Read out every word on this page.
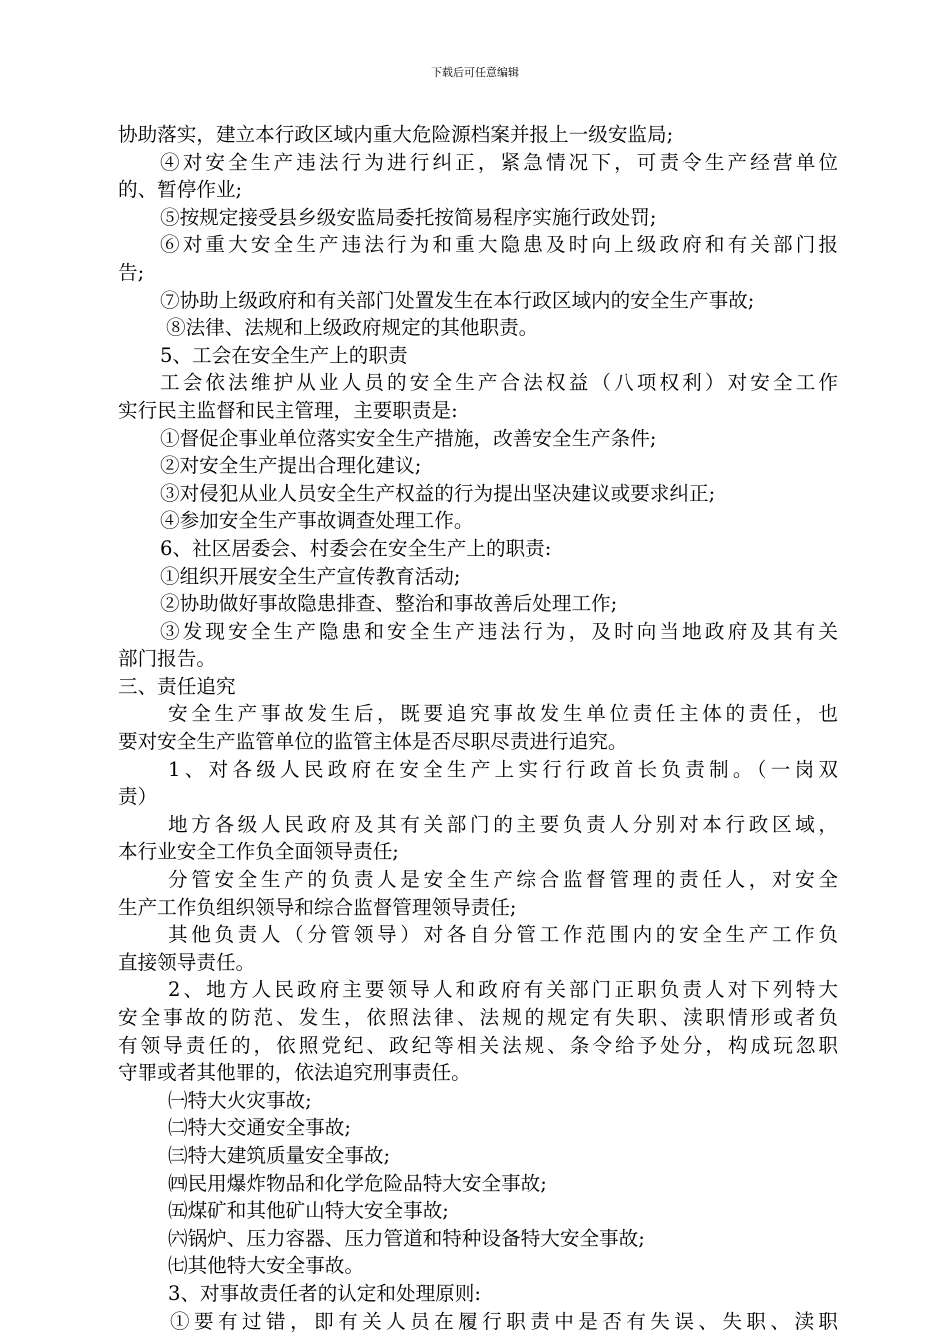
下载后可任意编辑
协助落实，建立本行政区域内重大危险源档案并报上一级安监局;
④对安全生产违法行为进行纠正，紧急情况下，可责令生产经营单位
的、暂停作业;
⑤按规定接受县乡级安监局委托按简易程序实施行政处罚;
⑥对重大安全生产违法行为和重大隐患及时向上级政府和有关部门报
告;
⑦协助上级政府和有关部门处置发生在本行政区域内的安全生产事故;
⑧法律、法规和上级政府规定的其他职责。
5、工会在安全生产上的职责
工会依法维护从业人员的安全生产合法权益（八项权利）对安全工作
实行民主监督和民主管理，主要职责是:
①督促企事业单位落实安全生产措施，改善安全生产条件;
②对安全生产提出合理化建议;
③对侵犯从业人员安全生产权益的行为提出坚决建议或要求纠正;
④参加安全生产事故调查处理工作。
6、社区居委会、村委会在安全生产上的职责:
①组织开展安全生产宣传教育活动;
②协助做好事故隐患排查、整治和事故善后处理工作;
③发现安全生产隐患和安全生产违法行为，及时向当地政府及其有关
部门报告。
三、责任追究
安全生产事故发生后，既要追究事故发生单位责任主体的责任，也
要对安全生产监管单位的监管主体是否尽职尽责进行追究。
1、对各级人民政府在安全生产上实行行政首长负责制。（一岗双
责）
地方各级人民政府及其有关部门的主要负责人分别对本行政区域，
本行业安全工作负全面领导责任;
分管安全生产的负责人是安全生产综合监督管理的责任人，对安全
生产工作负组织领导和综合监督管理领导责任;
其他负责人（分管领导）对各自分管工作范围内的安全生产工作负
直接领导责任。
2、地方人民政府主要领导人和政府有关部门正职负责人对下列特大
安全事故的防范、发生，依照法律、法规的规定有失职、渎职情形或者负
有领导责任的，依照党纪、政纪等相关法规、条令给予处分，构成玩忽职
守罪或者其他罪的，依法追究刑事责任。
㈠特大火灾事故;
㈡特大交通安全事故;
㈢特大建筑质量安全事故;
㈣民用爆炸物品和化学危险品特大安全事故;
㈤煤矿和其他矿山特大安全事故;
㈥锅炉、压力容器、压力管道和特种设备特大安全事故;
㈦其他特大安全事故。
3、对事故责任者的认定和处理原则:
①要有过错，即有关人员在履行职责中是否有失误、失职、渎职
